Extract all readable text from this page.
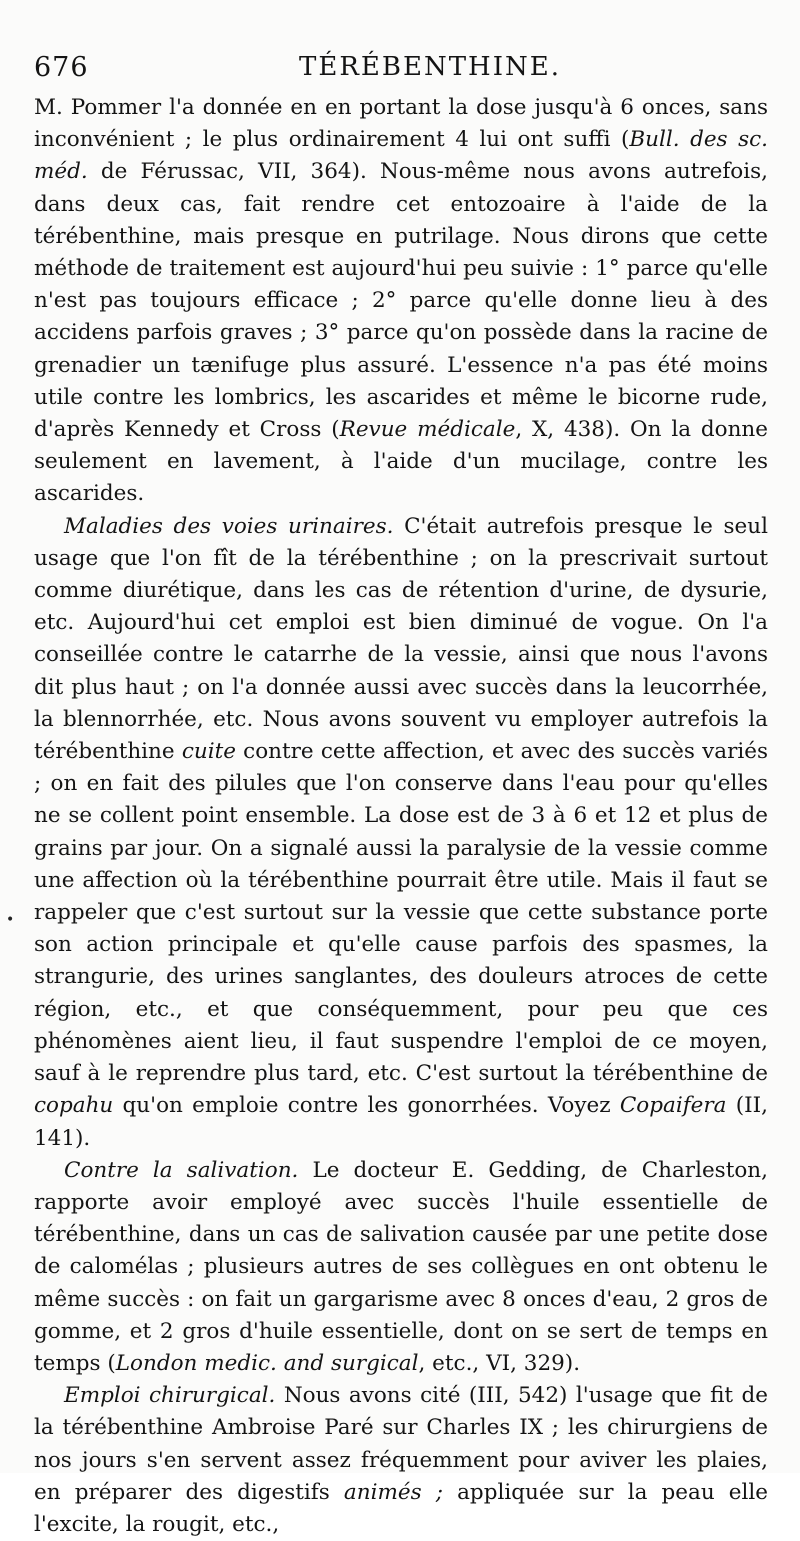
676	TÉRÉBENTHINE.

M. Pommer l'a donnée en en portant la dose jusqu'à 6 onces, sans inconvénient ; le plus ordinairement 4 lui ont suffi (Bull. des sc. méd. de Férussac, VII, 364). Nous-même nous avons autrefois, dans deux cas, fait rendre cet entozoaire à l'aide de la térébenthine, mais presque en putrilage. Nous dirons que cette méthode de traitement est aujourd'hui peu suivie : 1° parce qu'elle n'est pas toujours efficace ; 2° parce qu'elle donne lieu à des accidens parfois graves ; 3° parce qu'on possède dans la racine de grenadier un tænifuge plus assuré. L'essence n'a pas été moins utile contre les lombrics, les ascarides et même le bicorne rude, d'après Kennedy et Cross (Revue médicale, X, 438). On la donne seulement en lavement, à l'aide d'un mucilage, contre les ascarides.

Maladies des voies urinaires. C'était autrefois presque le seul usage que l'on fît de la térébenthine ; on la prescrivait surtout comme diurétique, dans les cas de rétention d'urine, de dysurie, etc. Aujourd'hui cet emploi est bien diminué de vogue. On l'a conseillée contre le catarrhe de la vessie, ainsi que nous l'avons dit plus haut ; on l'a donnée aussi avec succès dans la leucorrhée, la blennorrhée, etc. Nous avons souvent vu employer autrefois la térébenthine cuite contre cette affection, et avec des succès variés ; on en fait des pilules que l'on conserve dans l'eau pour qu'elles ne se collent point ensemble. La dose est de 3 à 6 et 12 et plus de grains par jour. On a signalé aussi la paralysie de la vessie comme une affection où la térébenthine pourrait être utile. Mais il faut se rappeler que c'est surtout sur la vessie que cette substance porte son action principale et qu'elle cause parfois des spasmes, la strangurie, des urines sanglantes, des douleurs atroces de cette région, etc., et que conséquemment, pour peu que ces phénomènes aient lieu, il faut suspendre l'emploi de ce moyen, sauf à le reprendre plus tard, etc. C'est surtout la térébenthine de copahu qu'on emploie contre les gonorrhées. Voyez Copaifera (II, 141).

Contre la salivation. Le docteur E. Gedding, de Charleston, rapporte avoir employé avec succès l'huile essentielle de térébenthine, dans un cas de salivation causée par une petite dose de calomélas ; plusieurs autres de ses collègues en ont obtenu le même succès : on fait un gargarisme avec 8 onces d'eau, 2 gros de gomme, et 2 gros d'huile essentielle, dont on se sert de temps en temps (London medic. and surgical, etc., VI, 329).

Emploi chirurgical. Nous avons cité (III, 542) l'usage que fit de la térébenthine Ambroise Paré sur Charles IX ; les chirurgiens de nos jours s'en servent assez fréquemment pour aviver les plaies, en préparer des digestifs animés ; appliquée sur la peau elle l'excite, la rougit, etc.,

•
